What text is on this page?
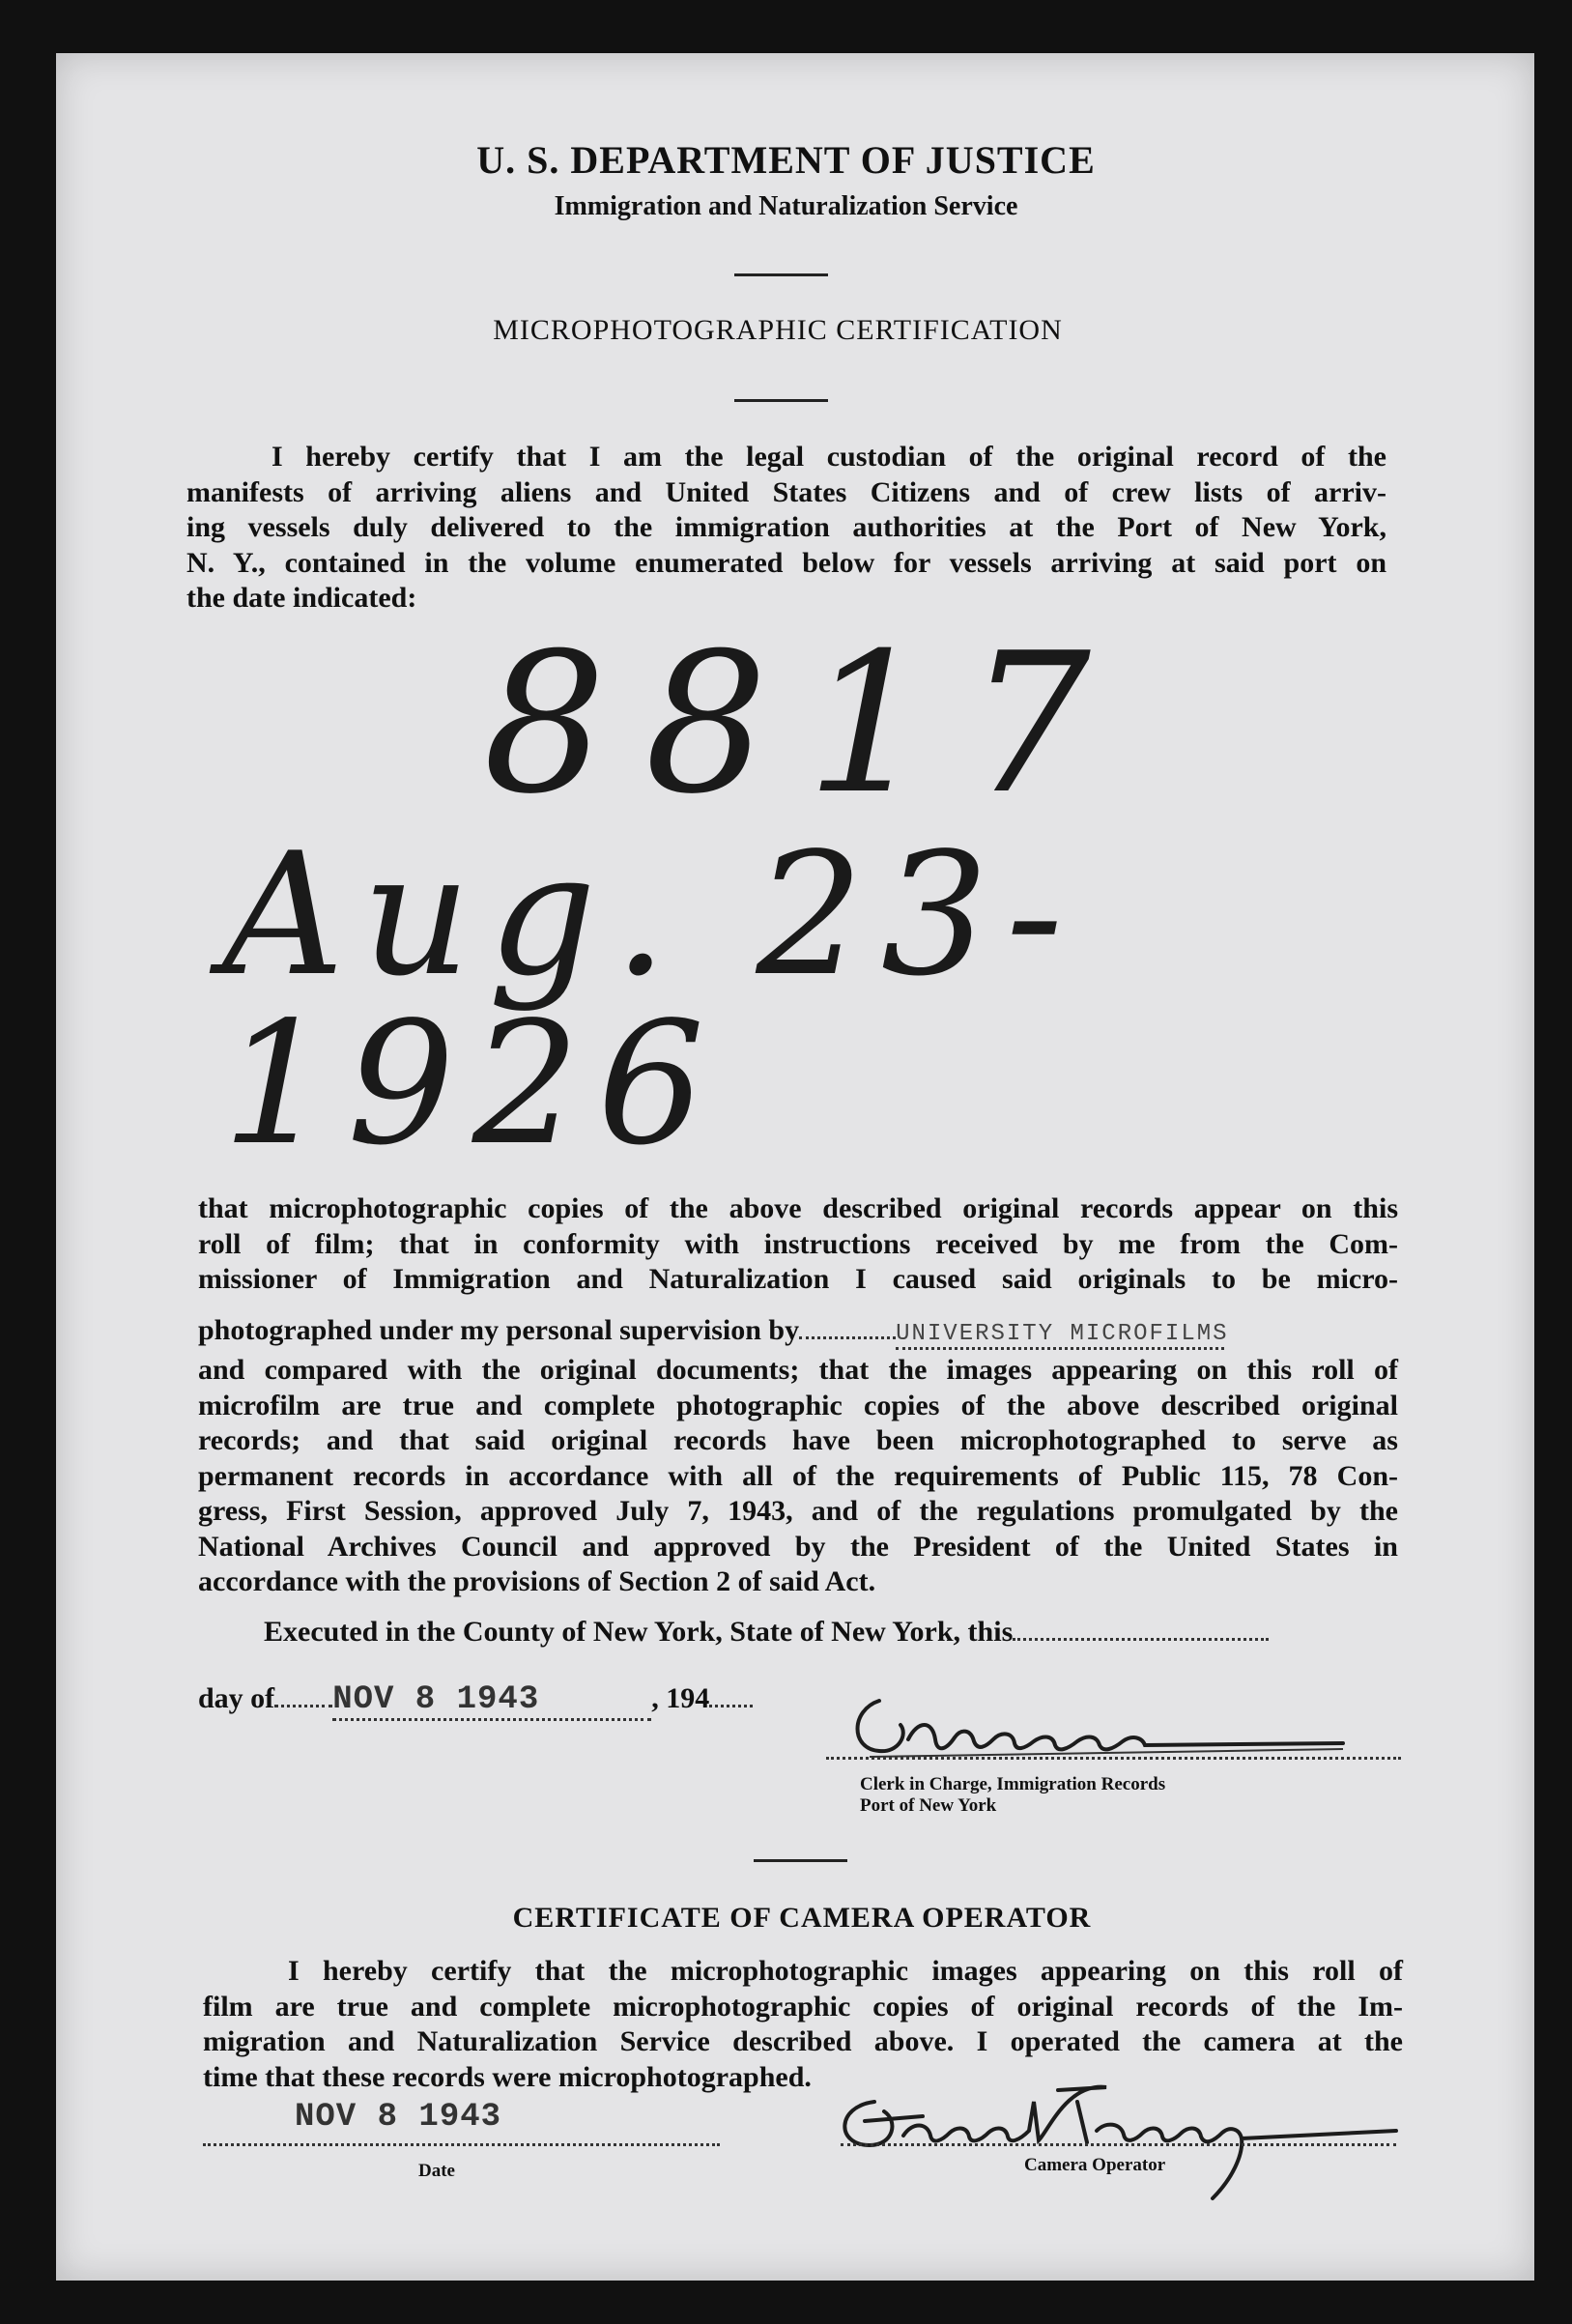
U. S. DEPARTMENT OF JUSTICE
Immigration and Naturalization Service
MICROPHOTOGRAPHIC CERTIFICATION
I hereby certify that I am the legal custodian of the original record of the
manifests of arriving aliens and United States Citizens and of crew lists of arriv-
ing vessels duly delivered to the immigration authorities at the Port of New York,
N. Y., contained in the volume enumerated below for vessels arriving at said port on
the date indicated:
8817
Aug. 23-1926
that microphotographic copies of the above described original records appear on this
roll of film; that in conformity with instructions received by me from the Com-
missioner of Immigration and Naturalization I caused said originals to be micro-
photographed under my personal supervision by	UNIVERSITY MICROFILMS
and compared with the original documents; that the images appearing on this roll of
microfilm are true and complete photographic copies of the above described original
records; and that said original records have been microphotographed to serve as
permanent records in accordance with all of the requirements of Public 115, 78 Con-
gress, First Session, approved July 7, 1943, and of the regulations promulgated by the
National Archives Council and approved by the President of the United States in
accordance with the provisions of Section 2 of said Act.
Executed in the County of New York, State of New York, this
day of NOV 8 1943	, 194
Clerk in Charge, Immigration Records
Port of New York
CERTIFICATE OF CAMERA OPERATOR
I hereby certify that the microphotographic images appearing on this roll of
film are true and complete microphotographic copies of original records of the Im-
migration and Naturalization Service described above. I operated the camera at the
time that these records were microphotographed.
NOV 8 1943
Date	Camera Operator
